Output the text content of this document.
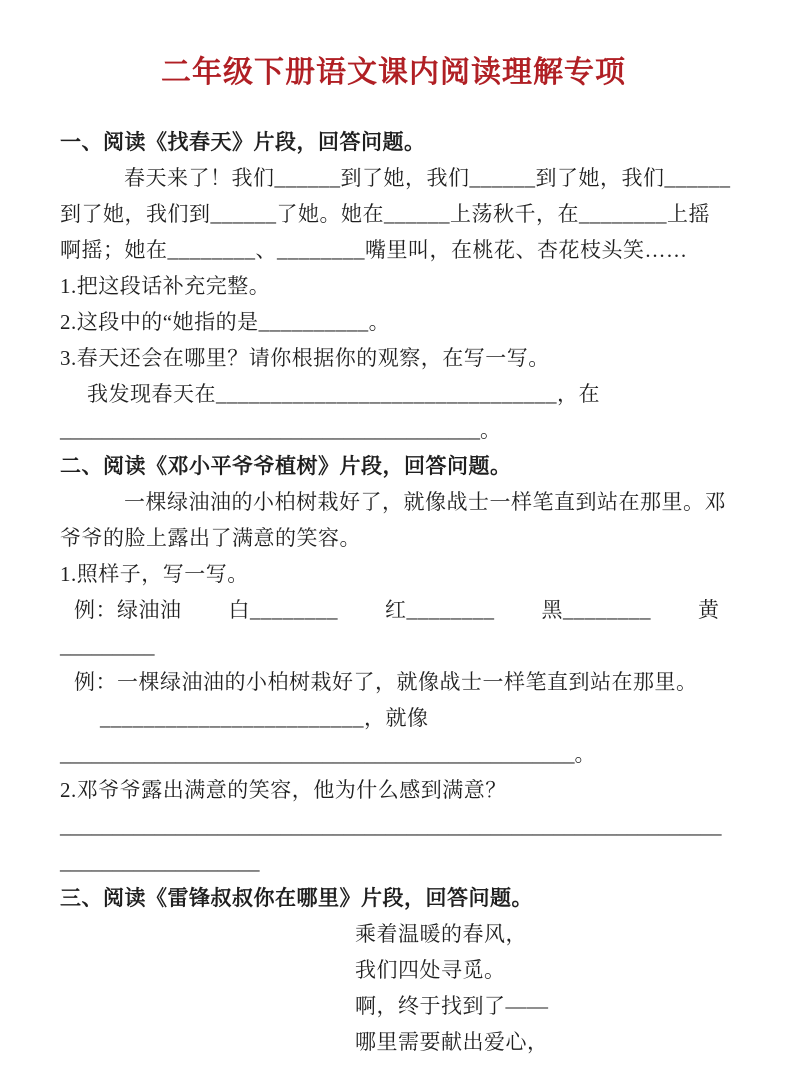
二年级下册语文课内阅读理解专项
一、阅读《找春天》片段，回答问题。
春天来了！我们______到了她，我们______到了她，我们______
到了她，我们到______了她。她在______上荡秋千，在________上摇
啊摇；她在________、________嘴里叫，在桃花、杏花枝头笑……
1.把这段话补充完整。
2.这段中的“她指的是__________。
3.春天还会在哪里？请你根据你的观察，在写一写。
我发现春天在_______________________________，在
________________________________________。
二、阅读《邓小平爷爷植树》片段，回答问题。
一棵绿油油的小柏树栽好了，就像战士一样笔直到站在那里。邓
爷爷的脸上露出了满意的笑容。
1.照样子，写一写。
例：绿油油 白________ 红________ 黑________ 黄
_________
例：一棵绿油油的小柏树栽好了，就像战士一样笔直到站在那里。
________________________，就像
_________________________________________________。
2.邓爷爷露出满意的笑容，他为什么感到满意？
_______________________________________________________________
___________________
三、阅读《雷锋叔叔你在哪里》片段，回答问题。
乘着温暖的春风，
我们四处寻觅。
啊，终于找到了——
哪里需要献出爱心，
